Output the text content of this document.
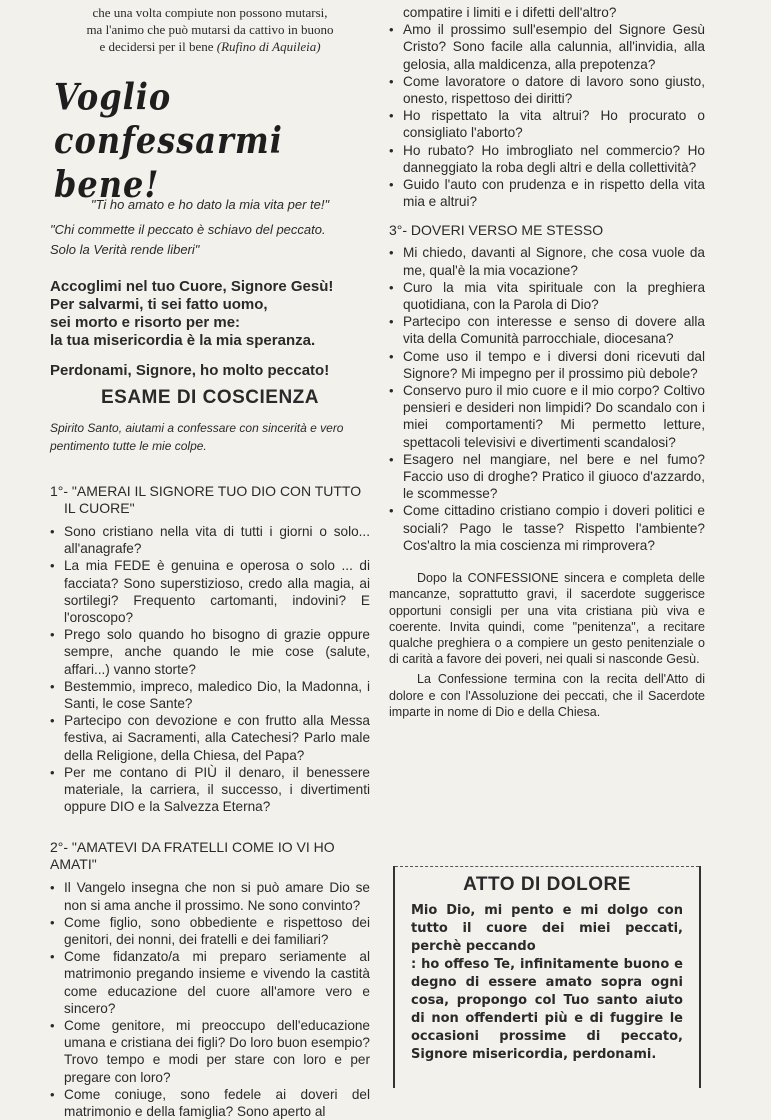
che una volta compiute non possono mutarsi,
ma l'animo che può mutarsi da cattivo in buono
e decidersi per il bene (Rufino di Aquileia)
Voglio confessarmi bene!
"Ti ho amato e ho dato la mia vita per te!"
"Chi commette il peccato è schiavo del peccato.
Solo la Verità rende liberi"
Accoglimi nel tuo Cuore, Signore Gesù!
Per salvarmi, ti sei fatto uomo,
sei morto e risorto per me:
la tua misericordia è la mia speranza.
Perdonami, Signore, ho molto peccato!
ESAME DI COSCIENZA
Spirito Santo, aiutami a confessare con sincerità e vero pentimento tutte le mie colpe.
1°- "AMERAI IL SIGNORE TUO DIO CON TUTTO
IL CUORE"
• Sono cristiano nella vita di tutti i giorni o solo... all'anagrafe?
• La mia FEDE è genuina e operosa o solo ... di facciata? Sono superstizioso, credo alla magia, ai sortilegi? Frequento cartomanti, indovini? E l'oroscopo?
• Prego solo quando ho bisogno di grazie oppure sempre, anche quando le mie cose (salute, affari...) vanno storte?
• Bestemmio, impreco, maledico Dio, la Madonna, i Santi, le cose Sante?
• Partecipo con devozione e con frutto alla Messa festiva, ai Sacramenti, alla Catechesi? Parlo male della Religione, della Chiesa, del Papa?
• Per me contano di PIÙ il denaro, il benessere materiale, la carriera, il successo, i divertimenti oppure DIO e la Salvezza Eterna?
2°- "AMATEVI DA FRATELLI COME IO VI HO AMATI"
• Il Vangelo insegna che non si può amare Dio se non si ama anche il prossimo. Ne sono convinto?
• Come figlio, sono obbediente e rispettoso dei genitori, dei nonni, dei fratelli e dei familiari?
• Come fidanzato/a mi preparo seriamente al matrimonio pregando insieme e vivendo la castità come educazione del cuore all'amore vero e sincero?
• Come genitore, mi preoccupo dell'educazione umana e cristiana dei figli? Do loro buon esempio? Trovo tempo e modi per stare con loro e per pregare con loro?
• Come coniuge, sono fedele ai doveri del matrimonio e della famiglia? Sono aperto al
compatire i limiti e i difetti dell'altro?
• Amo il prossimo sull'esempio del Signore Gesù Cristo? Sono facile alla calunnia, all'invidia, alla gelosia, alla maldicenza, alla prepotenza?
• Come lavoratore o datore di lavoro sono giusto, onesto, rispettoso dei diritti?
• Ho rispettato la vita altrui? Ho procurato o consigliato l'aborto?
• Ho rubato? Ho imbrogliato nel commercio? Ho danneggiato la roba degli altri e della collettività?
• Guido l'auto con prudenza e in rispetto della vita mia e altrui?
3°- DOVERI VERSO ME STESSO
• Mi chiedo, davanti al Signore, che cosa vuole da me, qual'è la mia vocazione?
• Curo la mia vita spirituale con la preghiera quotidiana, con la Parola di Dio?
• Partecipo con interesse e senso di dovere alla vita della Comunità parrocchiale, diocesana?
• Come uso il tempo e i diversi doni ricevuti dal Signore? Mi impegno per il prossimo più debole?
• Conservo puro il mio cuore e il mio corpo? Coltivo pensieri e desideri non limpidi? Do scandalo con i miei comportamenti? Mi permetto letture, spettacoli televisivi e divertimenti scandalosi?
• Esagero nel mangiare, nel bere e nel fumo? Faccio uso di droghe? Pratico il giuoco d'azzardo, le scommesse?
• Come cittadino cristiano compio i doveri politici e sociali? Pago le tasse? Rispetto l'ambiente? Cos'altro la mia coscienza mi rimprovera?

Dopo la CONFESSIONE sincera e completa delle mancanze, soprattutto gravi, il sacerdote suggerisce opportuni consigli per una vita cristiana più viva e coerente. Invita quindi, come "penitenza", a recitare qualche preghiera o a compiere un gesto penitenziale o di carità a favore dei poveri, nei quali si nasconde Gesù.

La Confessione termina con la recita dell'Atto di dolore e con l'Assoluzione dei peccati, che il Sacerdote imparte in nome di Dio e della Chiesa.

ATTO DI DOLORE

Mio Dio, mi pento e mi dolgo con tutto il cuore dei miei peccati, perchè peccando

: ho offeso Te, infinitamente buono e degno di essere amato sopra ogni cosa, propongo col Tuo santo aiuto di non offenderti più e di fuggire le occasioni prossime di peccato, Signore misericordia, perdonami.
